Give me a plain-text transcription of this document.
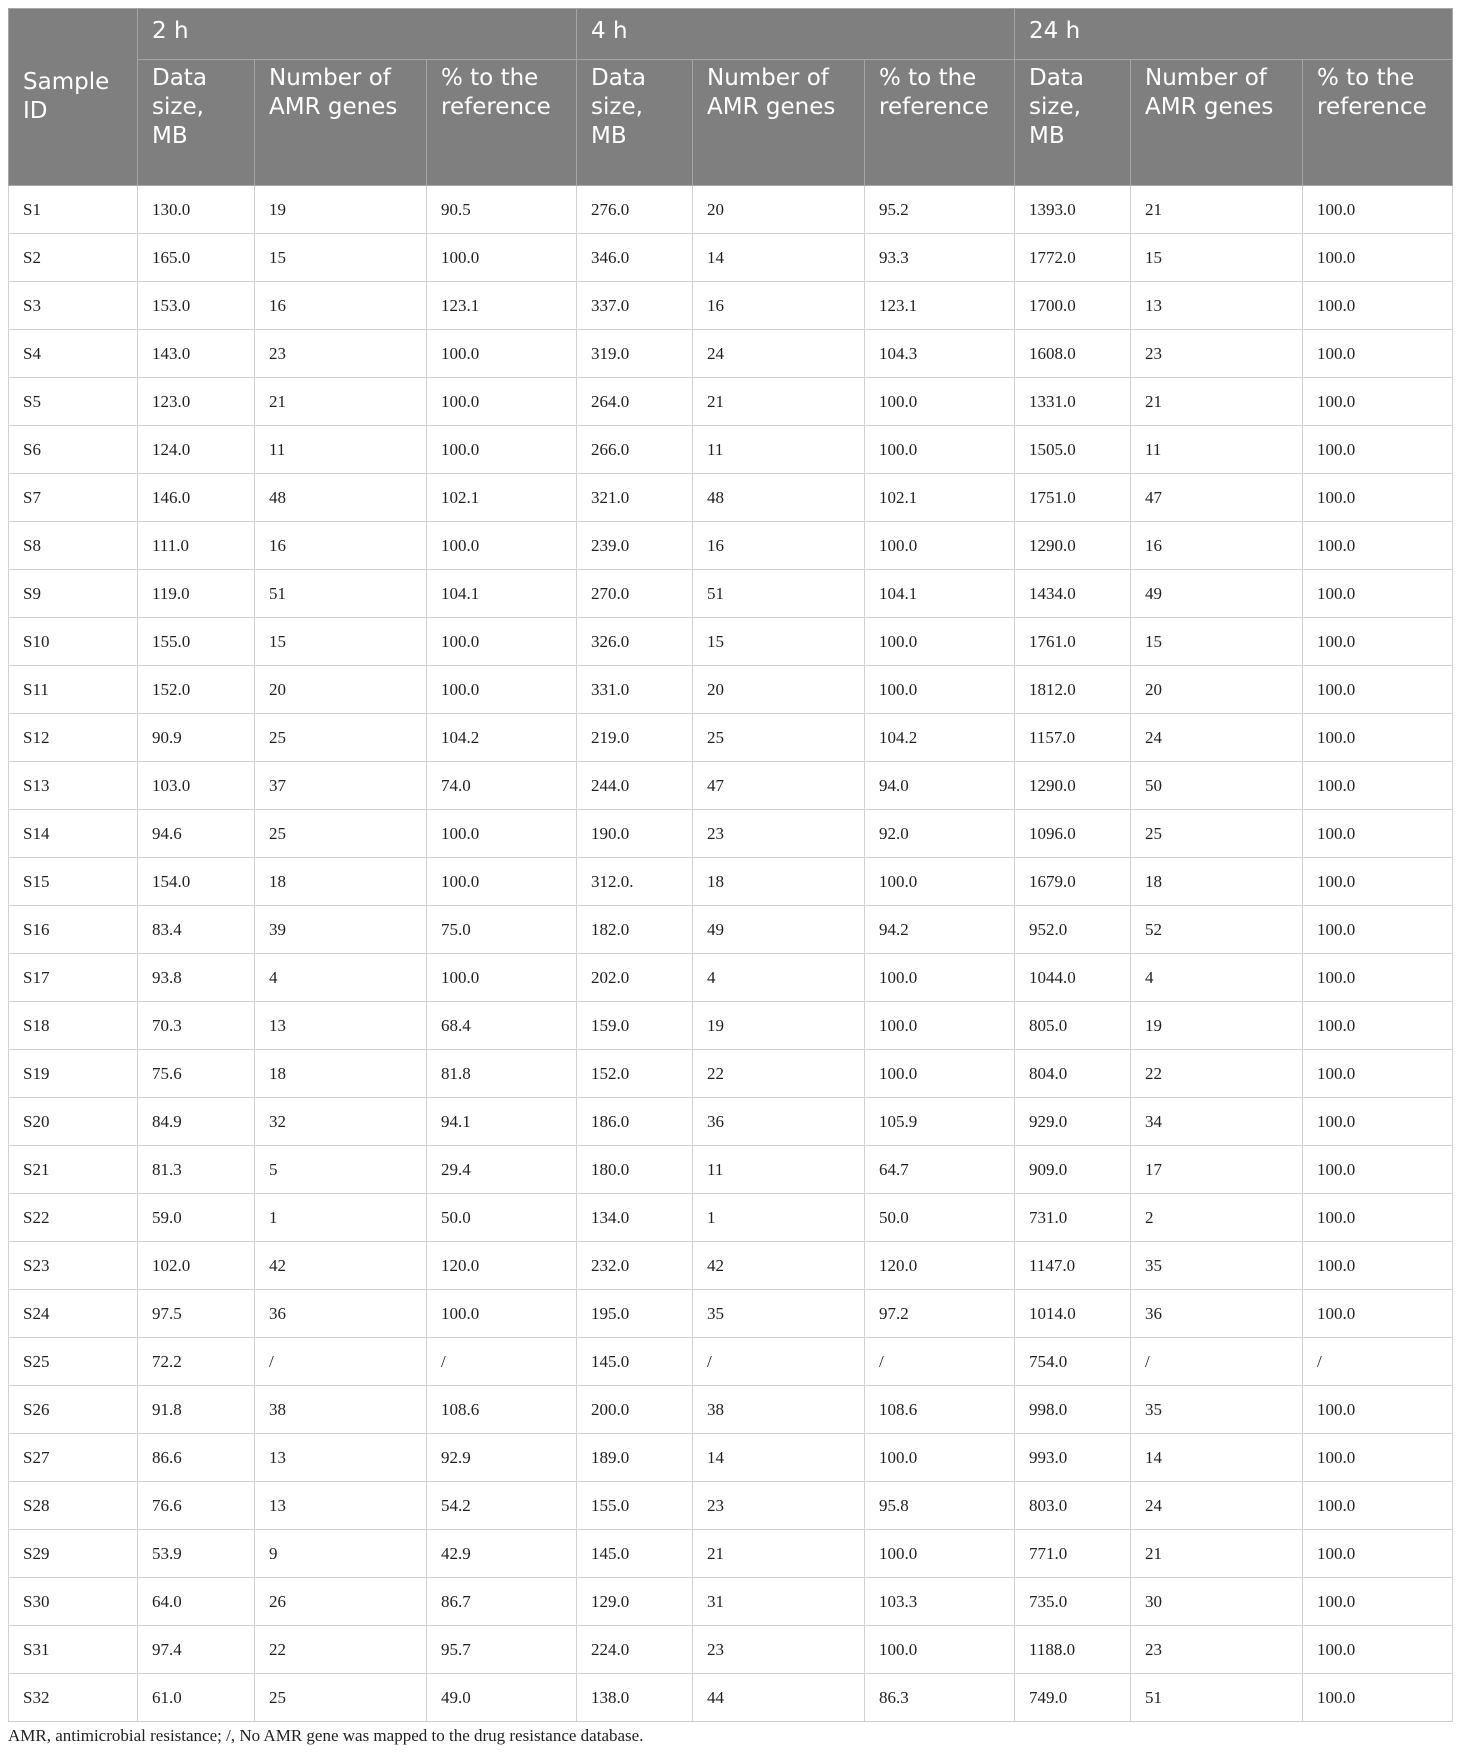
Sample ID	2 h			4 h			24 h		
	Data size, MB	Number of AMR genes	% to the reference	Data size, MB	Number of AMR genes	% to the reference	Data size, MB	Number of AMR genes	% to the reference
S1	130.0	19	90.5	276.0	20	95.2	1393.0	21	100.0
S2	165.0	15	100.0	346.0	14	93.3	1772.0	15	100.0
S3	153.0	16	123.1	337.0	16	123.1	1700.0	13	100.0
S4	143.0	23	100.0	319.0	24	104.3	1608.0	23	100.0
S5	123.0	21	100.0	264.0	21	100.0	1331.0	21	100.0
S6	124.0	11	100.0	266.0	11	100.0	1505.0	11	100.0
S7	146.0	48	102.1	321.0	48	102.1	1751.0	47	100.0
S8	111.0	16	100.0	239.0	16	100.0	1290.0	16	100.0
S9	119.0	51	104.1	270.0	51	104.1	1434.0	49	100.0
S10	155.0	15	100.0	326.0	15	100.0	1761.0	15	100.0
S11	152.0	20	100.0	331.0	20	100.0	1812.0	20	100.0
S12	90.9	25	104.2	219.0	25	104.2	1157.0	24	100.0
S13	103.0	37	74.0	244.0	47	94.0	1290.0	50	100.0
S14	94.6	25	100.0	190.0	23	92.0	1096.0	25	100.0
S15	154.0	18	100.0	312.0.	18	100.0	1679.0	18	100.0
S16	83.4	39	75.0	182.0	49	94.2	952.0	52	100.0
S17	93.8	4	100.0	202.0	4	100.0	1044.0	4	100.0
S18	70.3	13	68.4	159.0	19	100.0	805.0	19	100.0
S19	75.6	18	81.8	152.0	22	100.0	804.0	22	100.0
S20	84.9	32	94.1	186.0	36	105.9	929.0	34	100.0
S21	81.3	5	29.4	180.0	11	64.7	909.0	17	100.0
S22	59.0	1	50.0	134.0	1	50.0	731.0	2	100.0
S23	102.0	42	120.0	232.0	42	120.0	1147.0	35	100.0
S24	97.5	36	100.0	195.0	35	97.2	1014.0	36	100.0
S25	72.2	/	/	145.0	/	/	754.0	/	/
S26	91.8	38	108.6	200.0	38	108.6	998.0	35	100.0
S27	86.6	13	92.9	189.0	14	100.0	993.0	14	100.0
S28	76.6	13	54.2	155.0	23	95.8	803.0	24	100.0
S29	53.9	9	42.9	145.0	21	100.0	771.0	21	100.0
S30	64.0	26	86.7	129.0	31	103.3	735.0	30	100.0
S31	97.4	22	95.7	224.0	23	100.0	1188.0	23	100.0
S32	61.0	25	49.0	138.0	44	86.3	749.0	51	100.0
AMR, antimicrobial resistance; /, No AMR gene was mapped to the drug resistance database.
